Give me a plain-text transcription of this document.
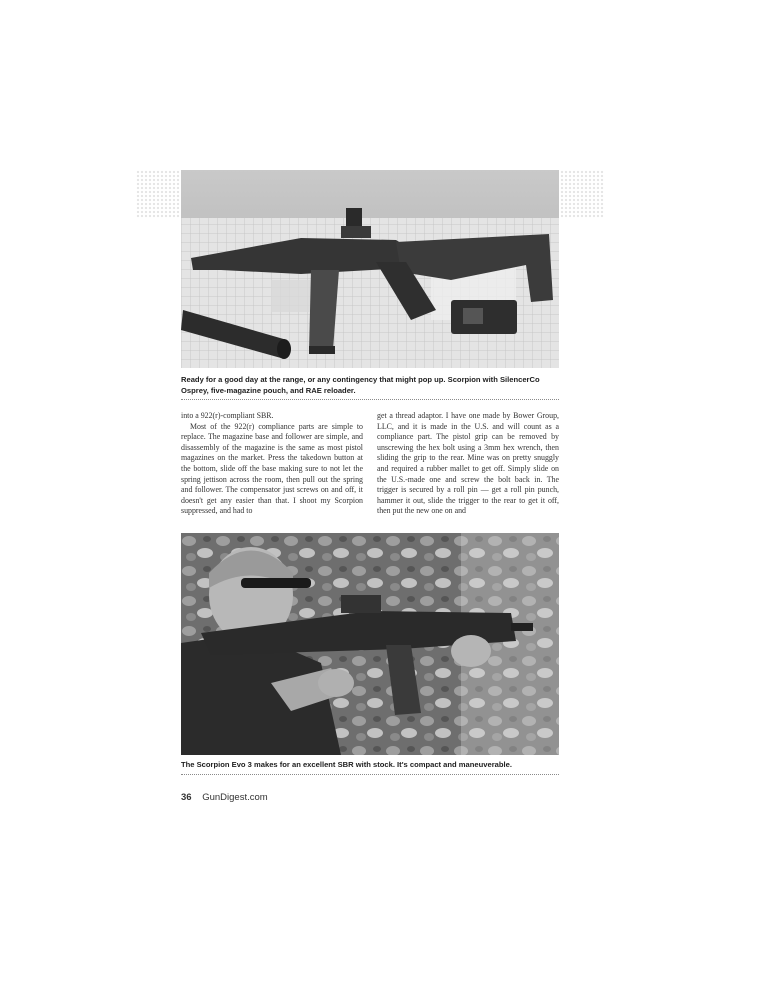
Ready for a good day at the range, or any contingency that might pop up. Scorpion with SilencerCo Osprey, five-magazine pouch, and RAE reloader.

into a 922(r)-compliant SBR.

Most of the 922(r) compliance parts are simple to replace. The magazine base and follower are simple, and disassembly of the magazine is the same as most pistol magazines on the market. Press the takedown button at the bottom, slide off the base making sure to not let the spring jettison across the room, then pull out the spring and follower. The compensator just screws on and off, it doesn't get any easier than that. I shoot my Scorpion suppressed, and had to

get a thread adaptor. I have one made by Bower Group, LLC, and it is made in the U.S. and will count as a compliance part. The pistol grip can be removed by unscrewing the hex bolt using a 3mm hex wrench, then sliding the grip to the rear. Mine was on pretty snuggly and required a rubber mallet to get off. Simply slide on the U.S.-made one and screw the bolt back in. The trigger is secured by a roll pin — get a roll pin punch, hammer it out, slide the trigger to the rear to get it off, then put the new one on and

The Scorpion Evo 3 makes for an excellent SBR with stock. It's compact and maneuverable.
36 GunDigest.com
